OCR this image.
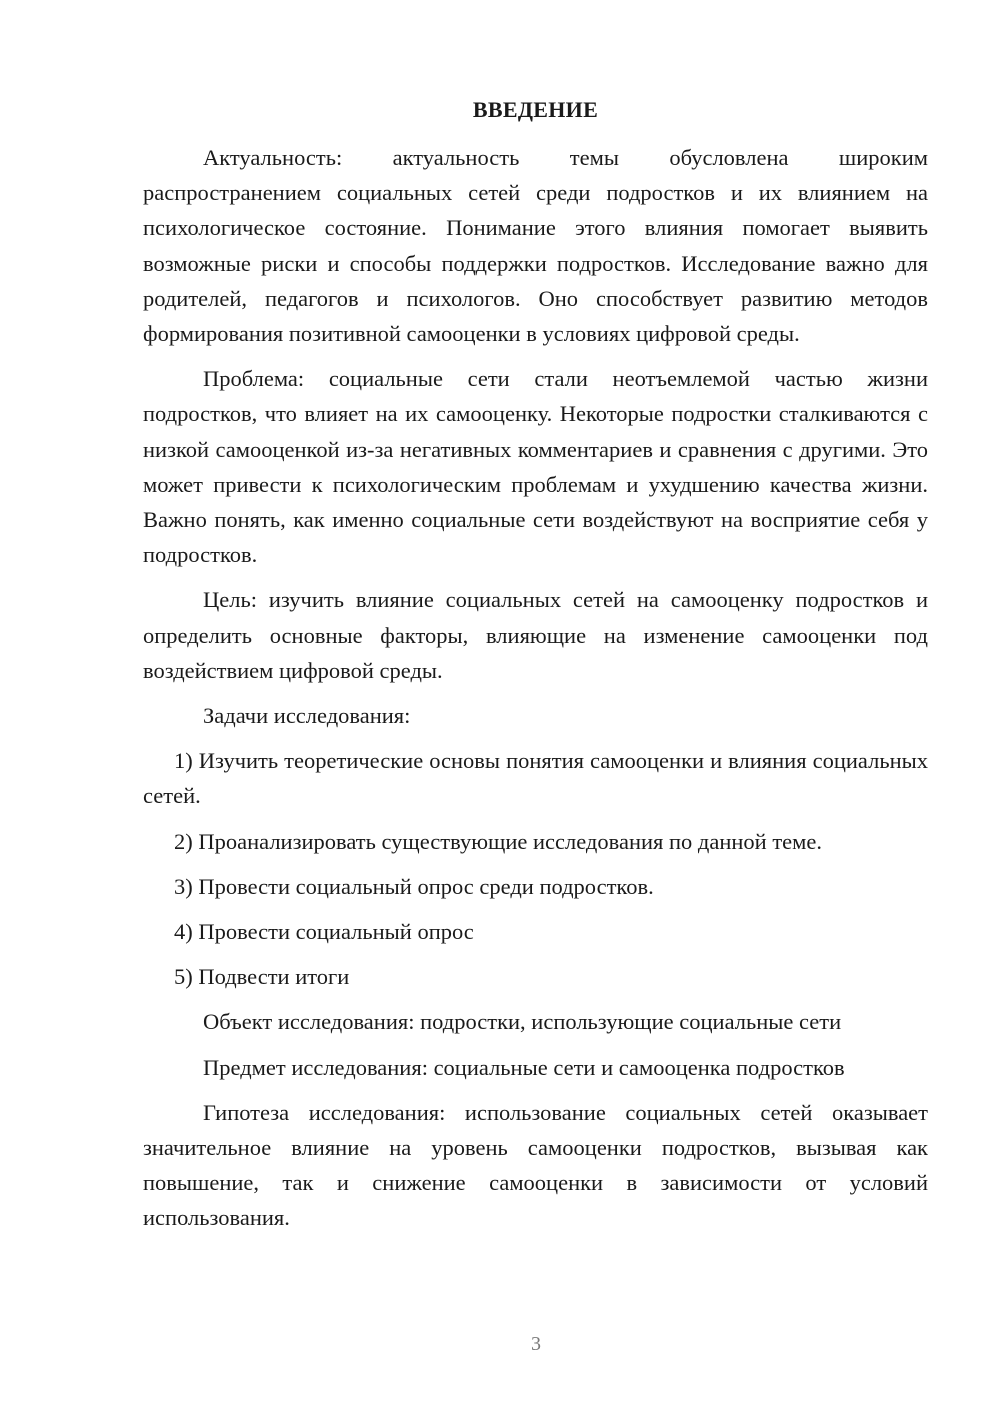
ВВЕДЕНИЕ

Актуальность: актуальность темы обусловлена широким распространением социальных сетей среди подростков и их влиянием на психологическое состояние. Понимание этого влияния помогает выявить возможные риски и способы поддержки подростков. Исследование важно для родителей, педагогов и психологов. Оно способствует развитию методов формирования позитивной самооценки в условиях цифровой среды.

Проблема: социальные сети стали неотъемлемой частью жизни подростков, что влияет на их самооценку. Некоторые подростки сталкиваются с низкой самооценкой из-за негативных комментариев и сравнения с другими. Это может привести к психологическим проблемам и ухудшению качества жизни. Важно понять, как именно социальные сети воздействуют на восприятие себя у подростков.

Цель: изучить влияние социальных сетей на самооценку подростков и определить основные факторы, влияющие на изменение самооценки под воздействием цифровой среды.

Задачи исследования:

1) Изучить теоретические основы понятия самооценки и влияния социальных сетей.

2) Проанализировать существующие исследования по данной теме.

3) Провести социальный опрос среди подростков.

4) Провести социальный опрос

5) Подвести итоги

Объект исследования: подростки, использующие социальные сети

Предмет исследования: социальные сети и самооценка подростков

Гипотеза исследования: использование социальных сетей оказывает значительное влияние на уровень самооценки подростков, вызывая как повышение, так и снижение самооценки в зависимости от условий использования.

3
